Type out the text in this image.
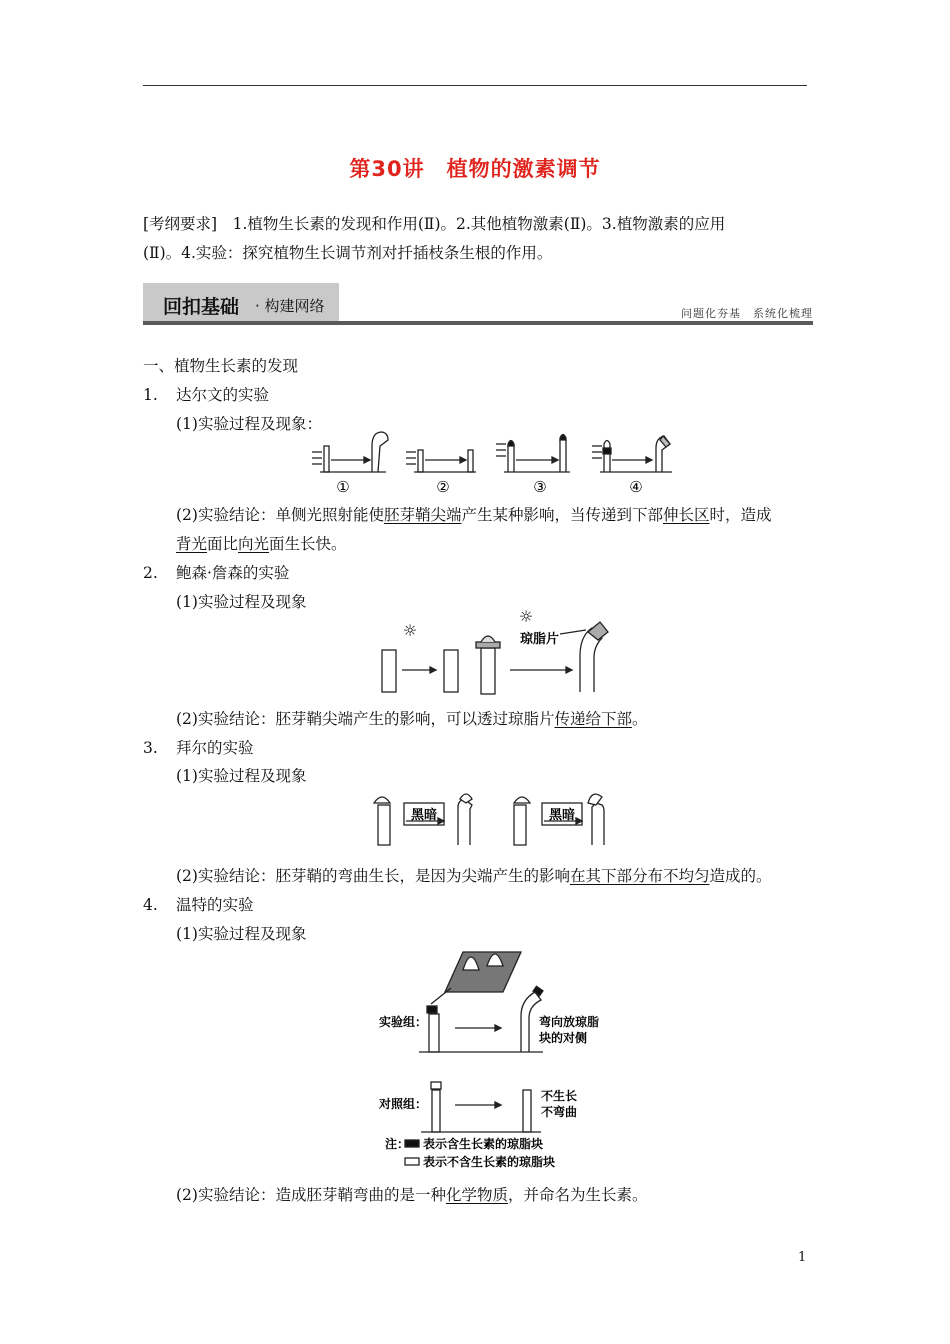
第30讲　植物的激素调节
[考纲要求]　1.植物生长素的发现和作用(Ⅱ)。2.其他植物激素(Ⅱ)。3.植物激素的应用
(Ⅱ)。4.实验：探究植物生长调节剂对扦插枝条生根的作用。
回扣基础 · 构建网络	问题化夯基　系统化梳理
一、植物生长素的发现
1. 达尔文的实验
(1)实验过程及现象：
①	②	③	④
(2)实验结论：单侧光照射能使胚芽鞘尖端产生某种影响，当传递到下部伸长区时，造成
背光面比向光面生长快。
2. 鲍森·詹森的实验
(1)实验过程及现象
☼
☼
琼脂片
(2)实验结论：胚芽鞘尖端产生的影响，可以透过琼脂片传递给下部。
3. 拜尔的实验
(1)实验过程及现象
黑暗	黑暗
(2)实验结论：胚芽鞘的弯曲生长，是因为尖端产生的影响在其下部分布不均匀造成的。
4. 温特的实验
(1)实验过程及现象
实验组：	弯向放琼脂
块的对侧
对照组：
不生长
不弯曲
注： 表示含生长素的琼脂块
表示不含生长素的琼脂块
(2)实验结论：造成胚芽鞘弯曲的是一种化学物质，并命名为生长素。
1
